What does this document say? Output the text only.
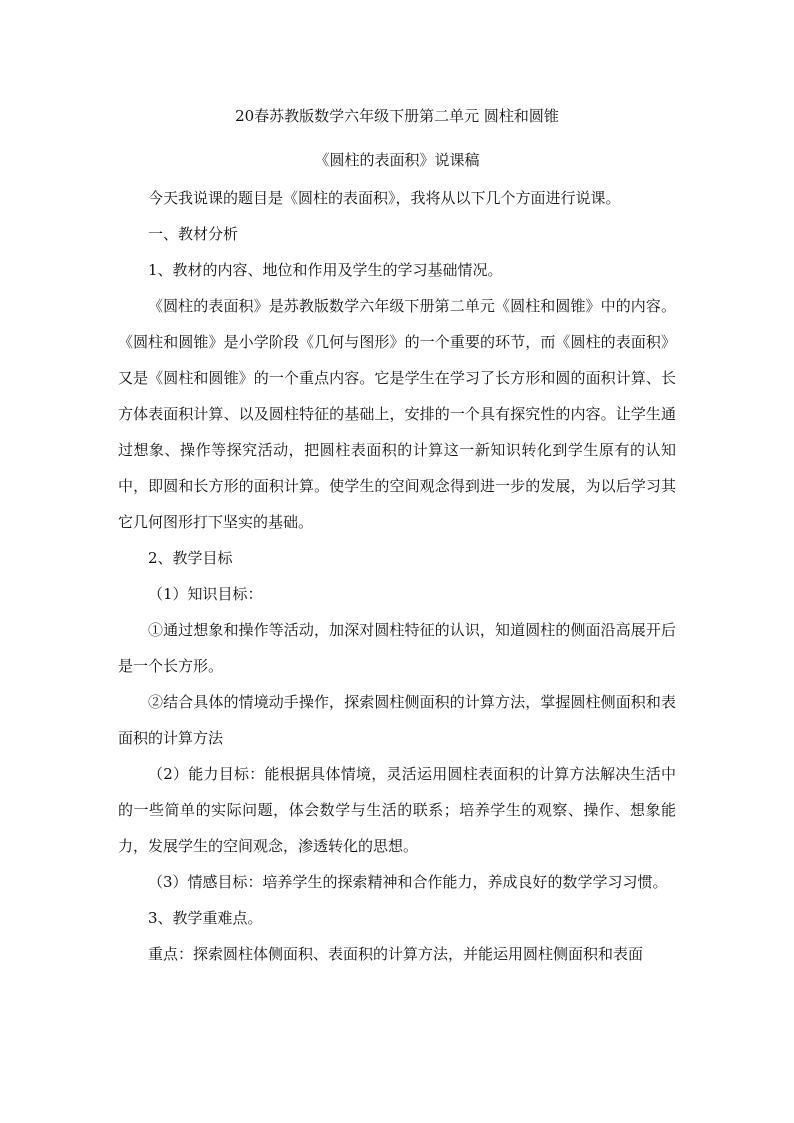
20春苏教版数学六年级下册第二单元 圆柱和圆锥

《圆柱的表面积》说课稿

今天我说课的题目是《圆柱的表面积》，我将从以下几个方面进行说课。

一、教材分析

1、教材的内容、地位和作用及学生的学习基础情况。

《圆柱的表面积》是苏教版数学六年级下册第二单元《圆柱和圆锥》中的内容。《圆柱和圆锥》是小学阶段《几何与图形》的一个重要的环节，而《圆柱的表面积》又是《圆柱和圆锥》的一个重点内容。它是学生在学习了长方形和圆的面积计算、长方体表面积计算、以及圆柱特征的基础上，安排的一个具有探究性的内容。让学生通过想象、操作等探究活动，把圆柱表面积的计算这一新知识转化到学生原有的认知中，即圆和长方形的面积计算。使学生的空间观念得到进一步的发展，为以后学习其它几何图形打下坚实的基础。

2、教学目标

（1）知识目标：

①通过想象和操作等活动，加深对圆柱特征的认识，知道圆柱的侧面沿高展开后是一个长方形。

②结合具体的情境动手操作，探索圆柱侧面积的计算方法，掌握圆柱侧面积和表面积的计算方法

（2）能力目标：能根据具体情境，灵活运用圆柱表面积的计算方法解决生活中的一些简单的实际问题，体会数学与生活的联系；培养学生的观察、操作、想象能力，发展学生的空间观念，渗透转化的思想。

（3）情感目标：培养学生的探索精神和合作能力，养成良好的数学学习习惯。

3、教学重难点。

重点：探索圆柱体侧面积、表面积的计算方法，并能运用圆柱侧面积和表面
